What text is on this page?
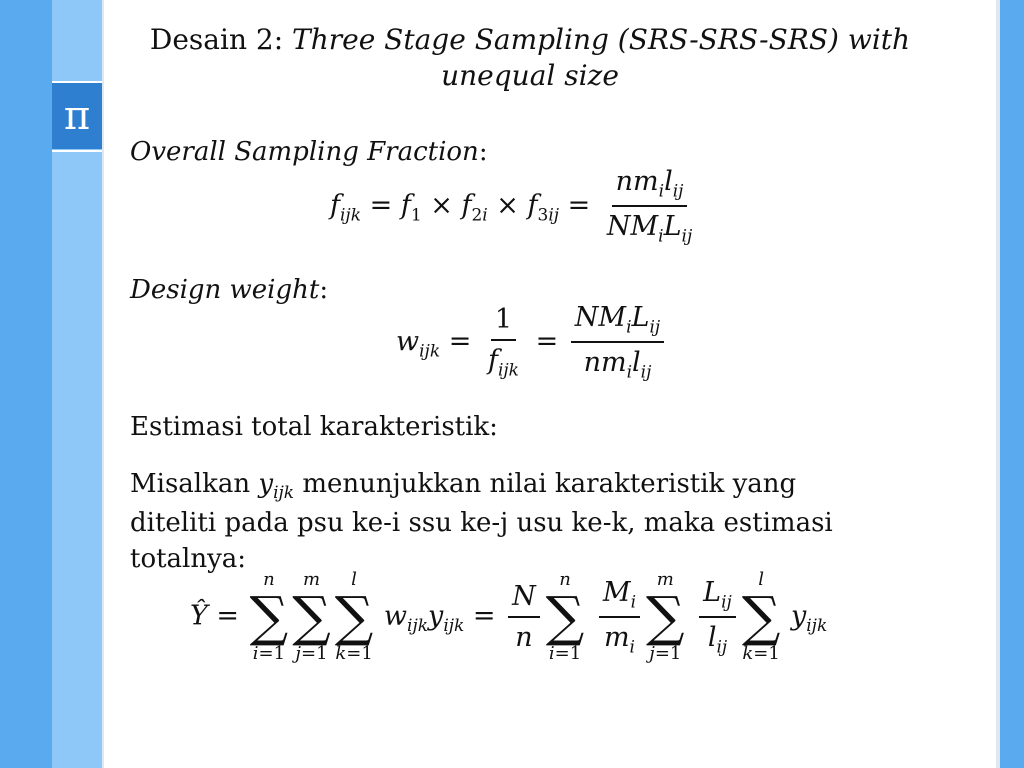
π
Desain 2: Three Stage Sampling (SRS-SRS-SRS) with unequal size
Overall Sampling Fraction:
$f_{ijk} = f_1 \times f_{2i} \times f_{3ij} = \frac{nm_il_{ij}}{NM_iL_{ij}}$
Design weight:
$w_{ijk} = \frac{1}{f_{ijk}} = \frac{NM_iL_{ij}}{nm_il_{ij}}$
Estimasi total karakteristik:
Misalkan $y_{ijk}$ menunjukkan nilai karakteristik yang
diteliti pada psu ke-i ssu ke-j usu ke-k, maka estimasi
totalnya:
Ŷ =
n
∑
i=1
m
∑
j=1
l
∑
k=1
$w_{ijk}y_{ijk} = \frac{N}{n}$
n
∑
i=1
$\frac{M_i}{m_i}$ m
∑
j=1
$\frac{L_{ij}}{l_{ij}}$ l
∑
k=1
$y_{ijk}$
